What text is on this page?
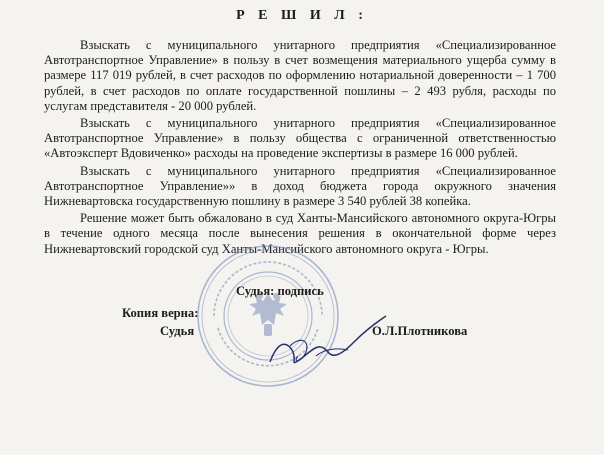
Р Е Ш И Л :

Взыскать с муниципального унитарного предприятия «Специализированное Автотранспортное Управление» в пользу в счет возмещения материального ущерба сумму в размере 117 019 рублей, в счет расходов по оформлению нотариальной доверенности – 1 700 рублей, в счет расходов по оплате государственной пошлины – 2 493 рубля, расходы по услугам представителя - 20 000 рублей.

Взыскать с муниципального унитарного предприятия «Специализированное Автотранспортное Управление» в пользу общества с ограниченной ответственностью «Автоэксперт Вдовиченко» расходы на проведение экспертизы в размере 16 000 рублей.

Взыскать с муниципального унитарного предприятия «Специализированное Автотранспортное Управление»» в доход бюджета города окружного значения Нижневартовска государственную пошлину в размере 3 540 рублей 38 копейка.

Решение может быть обжаловано в суд Ханты-Мансийского автономного округа-Югры в течение одного месяца после вынесения решения в окончательной форме через Нижневартовский городской суд Ханты-Мансийского автономного округа - Югры.

Судья: подпись
Копия верна:
Судья	О.Л.Плотникова
